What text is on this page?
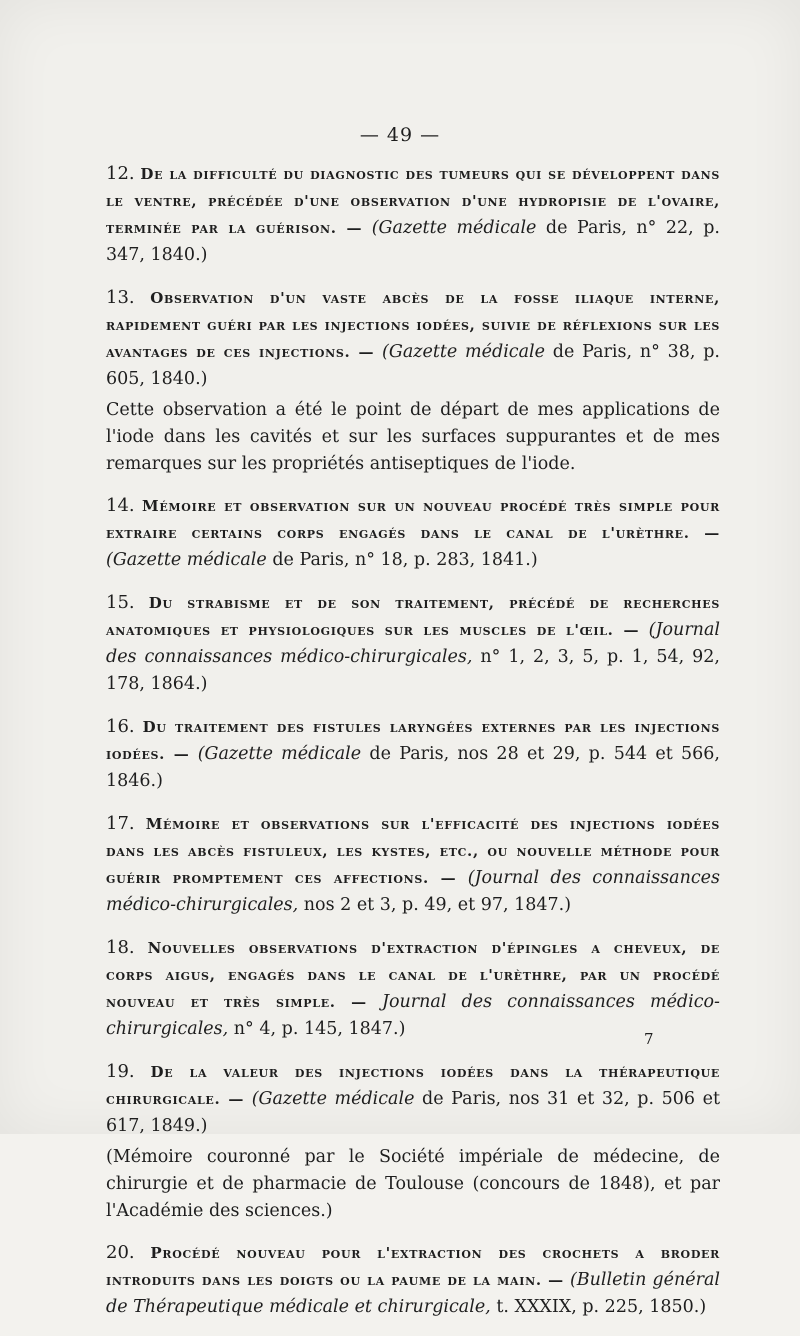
— 49 —

12. De la difficulté du diagnostic des tumeurs qui se développent dans le ventre, précédée d'une observation d'une hydropisie de l'ovaire, terminée par la guérison. — (Gazette médicale de Paris, n° 22, p. 347, 1840.)

13. Observation d'un vaste abcès de la fosse iliaque interne, rapidement guéri par les injections iodées, suivie de réflexions sur les avantages de ces injections. — (Gazette médicale de Paris, n° 38, p. 605, 1840.)

Cette observation a été le point de départ de mes applications de l'iode dans les cavités et sur les surfaces suppurantes et de mes remarques sur les propriétés antiseptiques de l'iode.

14. Mémoire et observation sur un nouveau procédé très simple pour extraire certains corps engagés dans le canal de l'urèthre. — (Gazette médicale de Paris, n° 18, p. 283, 1841.)

15. Du strabisme et de son traitement, précédé de recherches anatomiques et physiologiques sur les muscles de l'œil. — (Journal des connaissances médico-chirurgicales, n° 1, 2, 3, 5, p. 1, 54, 92, 178, 1864.)

16. Du traitement des fistules laryngées externes par les injections iodées. — (Gazette médicale de Paris, nos 28 et 29, p. 544 et 566, 1846.)

17. Mémoire et observations sur l'efficacité des injections iodées dans les abcès fistuleux, les kystes, etc., ou nouvelle méthode pour guérir promptement ces affections. — (Journal des connaissances médico-chirurgicales, nos 2 et 3, p. 49, et 97, 1847.)

18. Nouvelles observations d'extraction d'épingles a cheveux, de corps aigus, engagés dans le canal de l'urèthre, par un procédé nouveau et très simple. — Journal des connaissances médico-chirurgicales, n° 4, p. 145, 1847.)

19. De la valeur des injections iodées dans la thérapeutique chirurgicale. — (Gazette médicale de Paris, nos 31 et 32, p. 506 et 617, 1849.)

(Mémoire couronné par le Société impériale de médecine, de chirurgie et de pharmacie de Toulouse (concours de 1848), et par l'Académie des sciences.)

20. Procédé nouveau pour l'extraction des crochets a broder introduits dans les doigts ou la paume de la main. — (Bulletin général de Thérapeutique médicale et chirurgicale, t. XXXIX, p. 225, 1850.)

7
